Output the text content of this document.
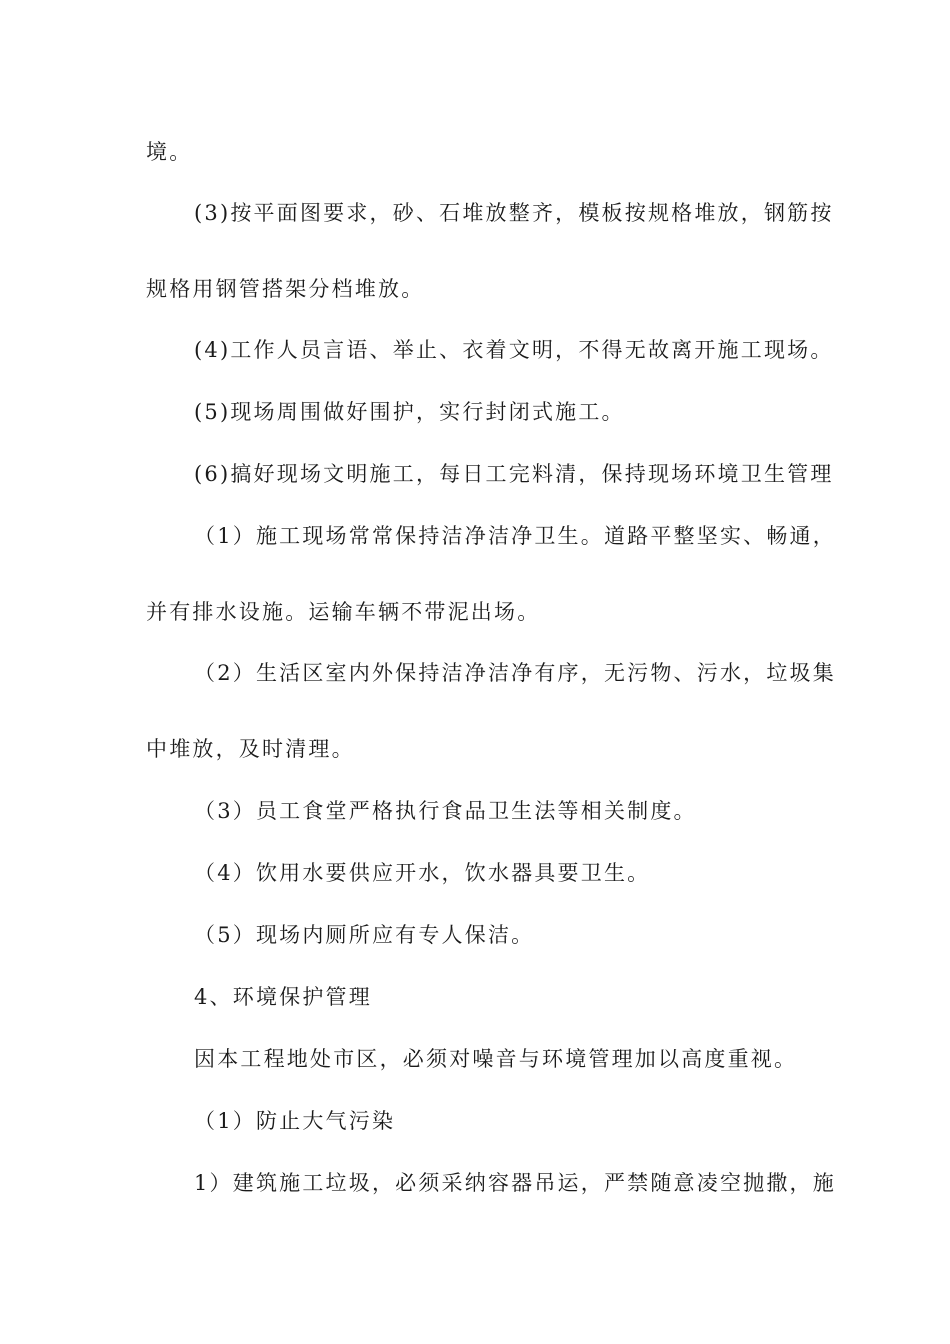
境。
(3)按平面图要求，砂、石堆放整齐，模板按规格堆放，钢筋按
规格用钢管搭架分档堆放。
(4)工作人员言语、举止、衣着文明，不得无故离开施工现场。
(5)现场周围做好围护，实行封闭式施工。
(6)搞好现场文明施工，每日工完料清，保持现场环境卫生管理
（1）施工现场常常保持洁净洁净卫生。道路平整坚实、畅通，
并有排水设施。运输车辆不带泥出场。
（2）生活区室内外保持洁净洁净有序，无污物、污水，垃圾集
中堆放，及时清理。
（3）员工食堂严格执行食品卫生法等相关制度。
（4）饮用水要供应开水，饮水器具要卫生。
（5）现场内厕所应有专人保洁。
4、环境保护管理
因本工程地处市区，必须对噪音与环境管理加以高度重视。
（1）防止大气污染
1）建筑施工垃圾，必须采纳容器吊运，严禁随意凌空抛撒，施
